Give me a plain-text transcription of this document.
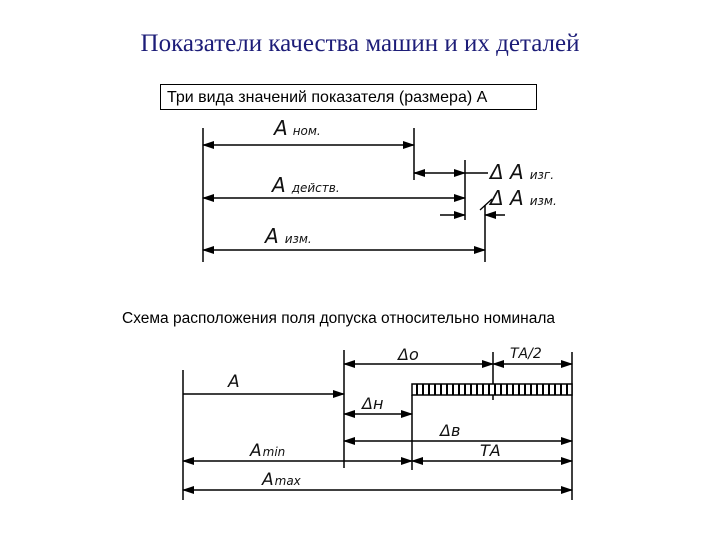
Показатели качества машин и их деталей
Три вида значений показателя (размера) А
Аном.
Адейств.
Аизм.
Δ А изг.
Δ А изм.
Схема расположения поля допуска относительно номинала
А
Δо	TА/2
Δн
Δв
Аmin	TА
Аmax
